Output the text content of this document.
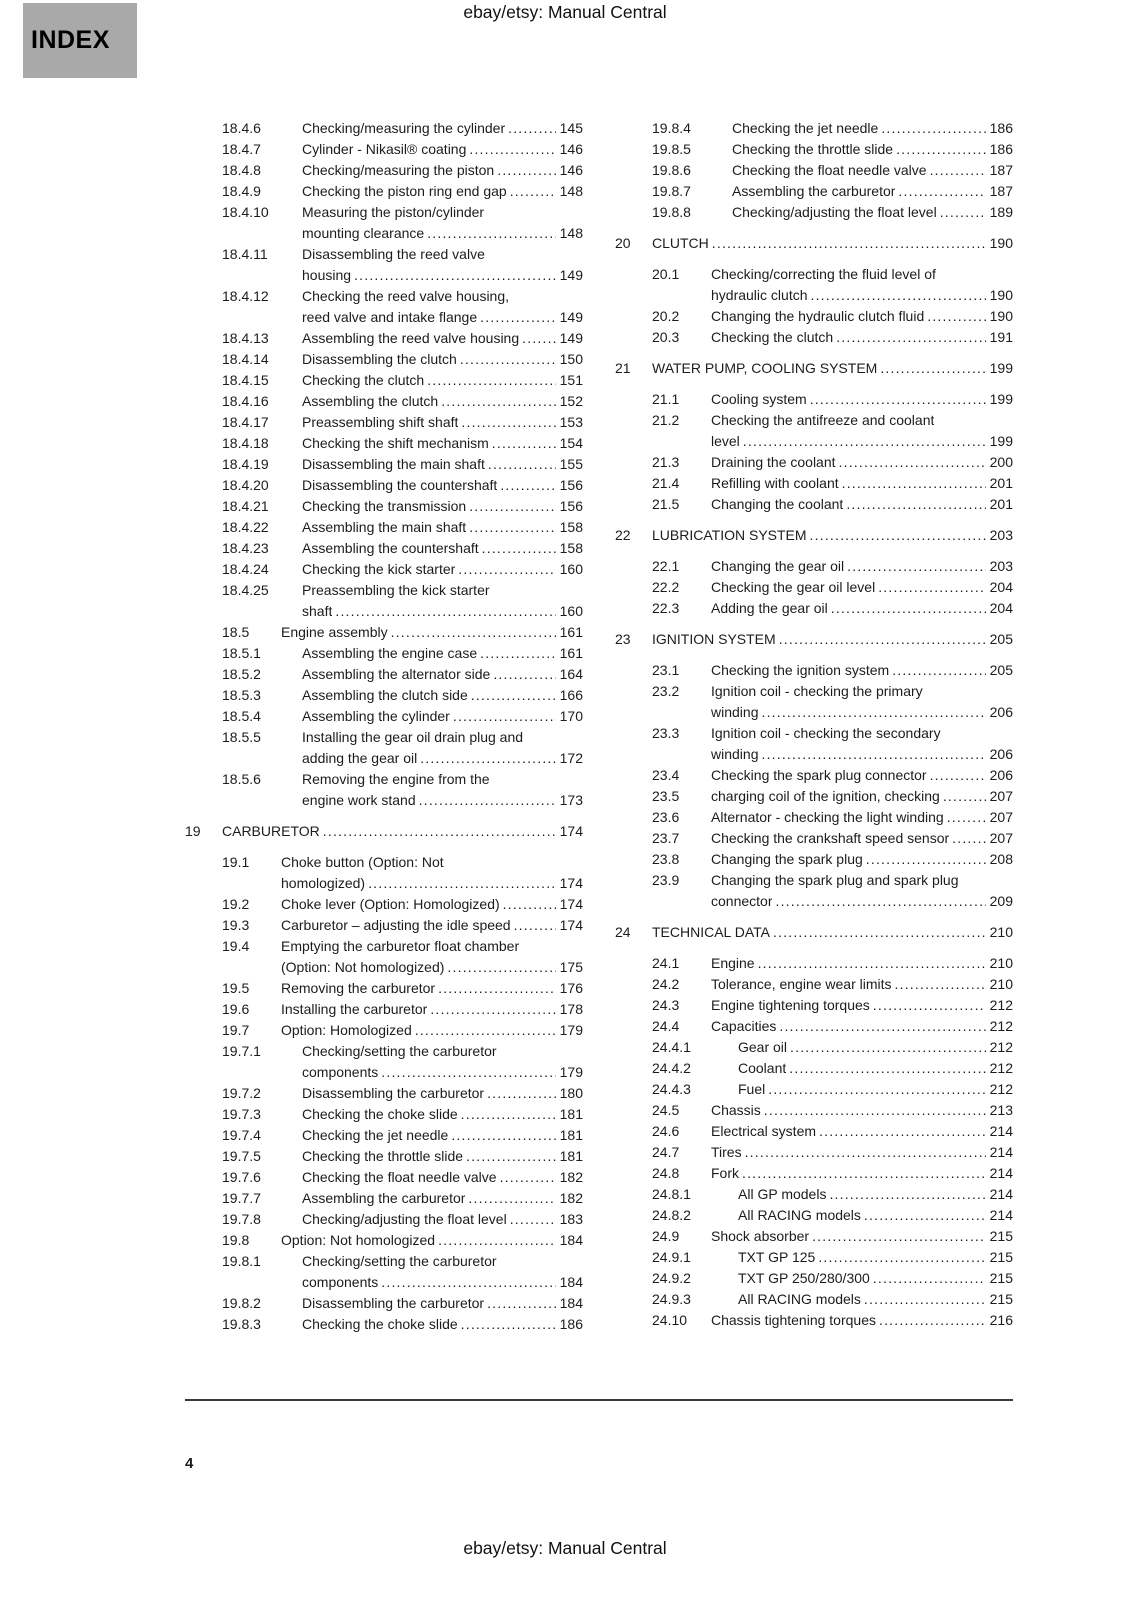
INDEX
ebay/etsy: Manual Central
18.4.6	Checking/measuring the cylinder .....	145
18.4.7	Cylinder - Nikasil® coating .....	146
18.4.8	Checking/measuring the piston .....	146
18.4.9	Checking the piston ring end gap .....	148
18.4.10	Measuring the piston/cylinder
mounting clearance .....	148
18.4.11	Disassembling the reed valve
housing .....	149
18.4.12	Checking the reed valve housing,
reed valve and intake flange .....	149
18.4.13	Assembling the reed valve housing .....	149
18.4.14	Disassembling the clutch .....	150
18.4.15	Checking the clutch .....	151
18.4.16	Assembling the clutch .....	152
18.4.17	Preassembling shift shaft .....	153
18.4.18	Checking the shift mechanism .....	154
18.4.19	Disassembling the main shaft .....	155
18.4.20	Disassembling the countershaft .....	156
18.4.21	Checking the transmission .....	156
18.4.22	Assembling the main shaft .....	158
18.4.23	Assembling the countershaft .....	158
18.4.24	Checking the kick starter .....	160
18.4.25	Preassembling the kick starter
shaft .....	160
18.5	Engine assembly .....	161
18.5.1	Assembling the engine case .....	161
18.5.2	Assembling the alternator side .....	164
18.5.3	Assembling the clutch side .....	166
18.5.4	Assembling the cylinder .....	170
18.5.5	Installing the gear oil drain plug and
adding the gear oil .....	172
18.5.6	Removing the engine from the
engine work stand .....	173
19	CARBURETOR .....	174
19.1	Choke button (Option: Not
homologized) .....	174
19.2	Choke lever (Option: Homologized) .....	174
19.3	Carburetor – adjusting the idle speed .....	174
19.4	Emptying the carburetor float chamber
(Option: Not homologized) .....	175
19.5	Removing the carburetor .....	176
19.6	Installing the carburetor .....	178
19.7	Option: Homologized .....	179
19.7.1	Checking/setting the carburetor
components .....	179
19.7.2	Disassembling the carburetor .....	180
19.7.3	Checking the choke slide .....	181
19.7.4	Checking the jet needle .....	181
19.7.5	Checking the throttle slide .....	181
19.7.6	Checking the float needle valve .....	182
19.7.7	Assembling the carburetor .....	182
19.7.8	Checking/adjusting the float level .....	183
19.8	Option: Not homologized .....	184
19.8.1	Checking/setting the carburetor
components .....	184
19.8.2	Disassembling the carburetor .....	184
19.8.3	Checking the choke slide .....	186
19.8.4	Checking the jet needle .....	186
19.8.5	Checking the throttle slide .....	186
19.8.6	Checking the float needle valve .....	187
19.8.7	Assembling the carburetor .....	187
19.8.8	Checking/adjusting the float level .....	189
20	CLUTCH .....	190
20.1	Checking/correcting the fluid level of
hydraulic clutch .....	190
20.2	Changing the hydraulic clutch fluid .....	190
20.3	Checking the clutch .....	191
21	WATER PUMP, COOLING SYSTEM .....	199
21.1	Cooling system .....	199
21.2	Checking the antifreeze and coolant
level .....	199
21.3	Draining the coolant .....	200
21.4	Refilling with coolant .....	201
21.5	Changing the coolant .....	201
22	LUBRICATION SYSTEM .....	203
22.1	Changing the gear oil .....	203
22.2	Checking the gear oil level .....	204
22.3	Adding the gear oil .....	204
23	IGNITION SYSTEM .....	205
23.1	Checking the ignition system .....	205
23.2	Ignition coil - checking the primary
winding .....	206
23.3	Ignition coil - checking the secondary
winding .....	206
23.4	Checking the spark plug connector .....	206
23.5	charging coil of the ignition, checking .....	207
23.6	Alternator - checking the light winding .....	207
23.7	Checking the crankshaft speed sensor .....	207
23.8	Changing the spark plug .....	208
23.9	Changing the spark plug and spark plug
connector .....	209
24	TECHNICAL DATA .....	210
24.1	Engine .....	210
24.2	Tolerance, engine wear limits .....	210
24.3	Engine tightening torques .....	212
24.4	Capacities .....	212
24.4.1	Gear oil .....	212
24.4.2	Coolant .....	212
24.4.3	Fuel .....	212
24.5	Chassis .....	213
24.6	Electrical system .....	214
24.7	Tires .....	214
24.8	Fork .....	214
24.8.1	All GP models .....	214
24.8.2	All RACING models .....	214
24.9	Shock absorber .....	215
24.9.1	TXT GP 125 .....	215
24.9.2	TXT GP 250/280/300 .....	215
24.9.3	All RACING models .....	215
24.10	Chassis tightening torques .....	216
4
ebay/etsy: Manual Central
